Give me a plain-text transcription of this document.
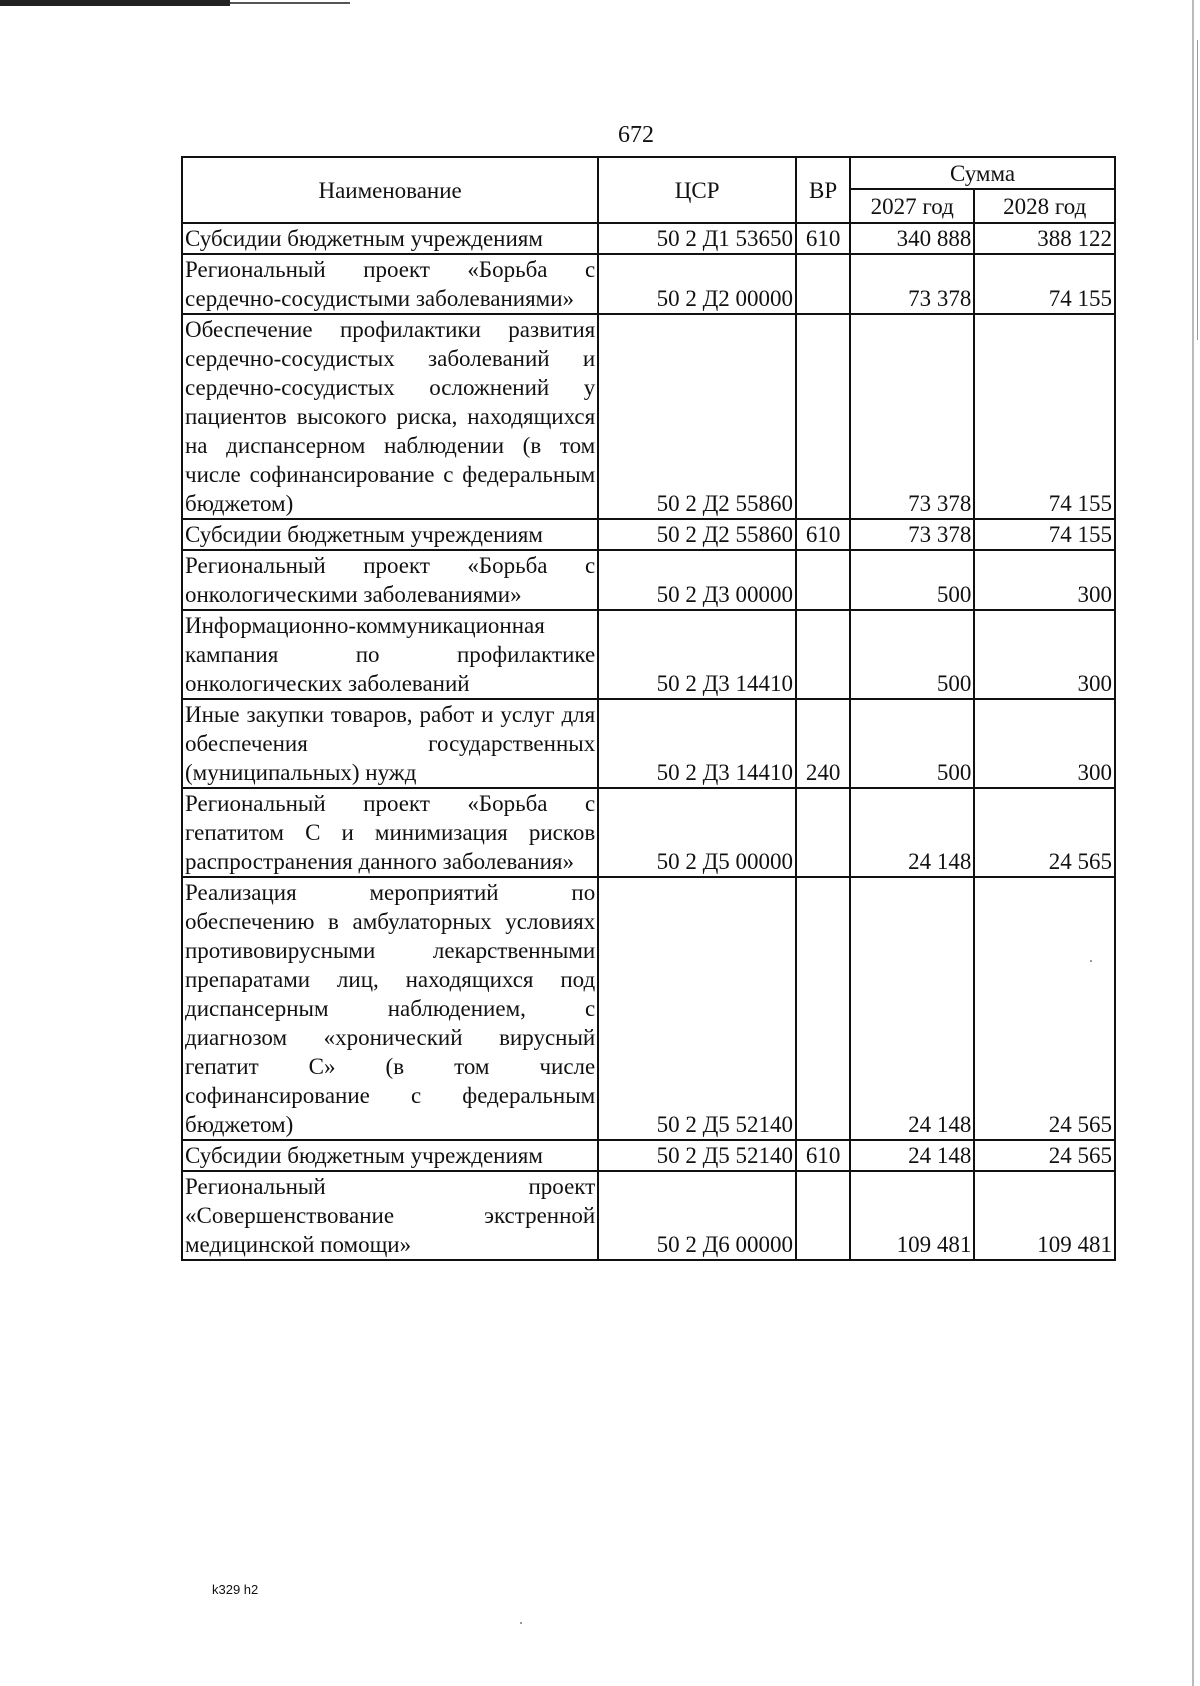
672
Наименование	ЦСР	ВР	Сумма	
			2027 год	2028 год
Субсидии бюджетным учреждениям	50 2 Д1 53650	610	340 888	388 122
Региональный проект «Борьба с сердечно-сосудистыми заболеваниями»	50 2 Д2 00000		73 378	74 155
Обеспечение профилактики развития сердечно-сосудистых заболеваний и сердечно-сосудистых осложнений у пациентов высокого риска, находящихся на диспансерном наблюдении (в том числе софинансирование с федеральным бюджетом)	50 2 Д2 55860		73 378	74 155
Субсидии бюджетным учреждениям	50 2 Д2 55860	610	73 378	74 155
Региональный проект «Борьба с онкологическими заболеваниями»	50 2 Д3 00000		500	300
Информационно-коммуникационная кампания по профилактике онкологических заболеваний	50 2 Д3 14410		500	300
Иные закупки товаров, работ и услуг для обеспечения государственных (муниципальных) нужд	50 2 Д3 14410	240	500	300
Региональный проект «Борьба с гепатитом С и минимизация рисков распространения данного заболевания»	50 2 Д5 00000		24 148	24 565
Реализация мероприятий по обеспечению в амбулаторных условиях противовирусными лекарственными препаратами лиц, находящихся под диспансерным наблюдением, с диагнозом «хронический вирусный гепатит С» (в том числе софинансирование с федеральным бюджетом)	50 2 Д5 52140		24 148	24 565
Субсидии бюджетным учреждениям	50 2 Д5 52140	610	24 148	24 565
Региональный проект «Совершенствование экстренной медицинской помощи»	50 2 Д6 00000		109 481	109 481
k329 h2
